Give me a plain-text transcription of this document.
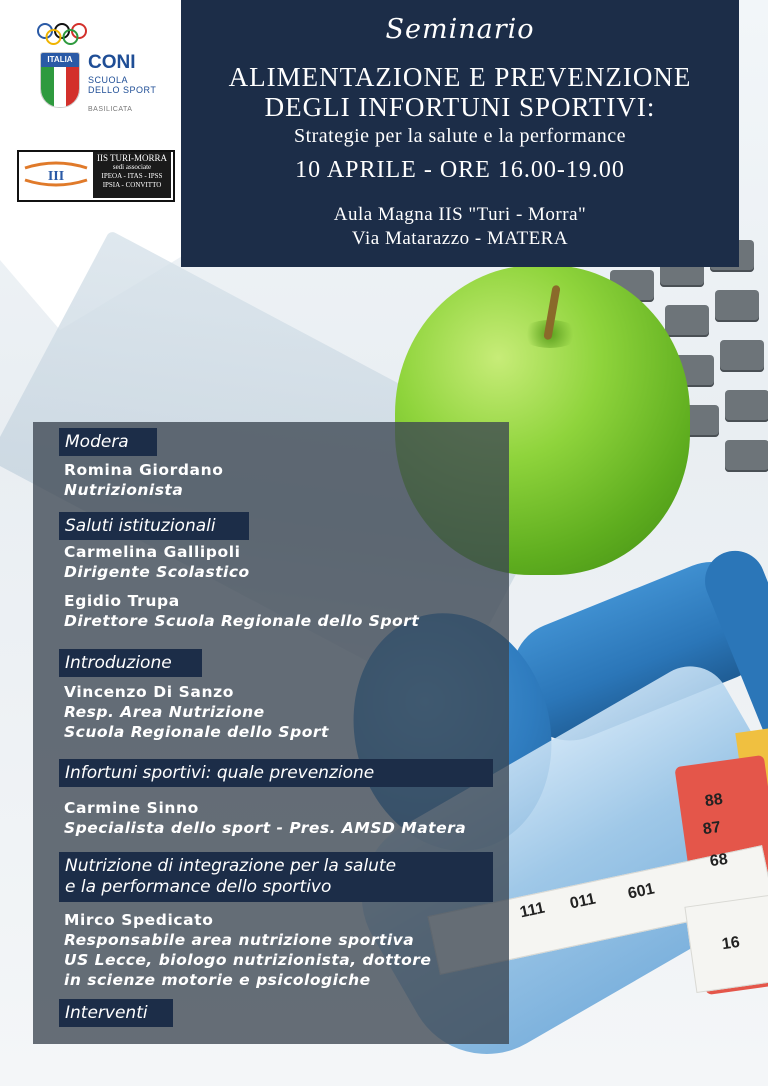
88
87
68
16
111 011 601
ITALIA CONI
SCUOLA
DELLO SPORT
BASILICATA
III
IIS TURI-MORRA
sedi associate
IPEOA - ITAS - IPSS
IPSIA - CONVITTO
Seminario
ALIMENTAZIONE E PREVENZIONE
DEGLI INFORTUNI SPORTIVI:
Strategie per la salute e la performance
10 APRILE - ORE 16.00-19.00
Aula Magna IIS "Turi - Morra"
Via Matarazzo - MATERA
Modera
Romina Giordano
Nutrizionista
Saluti istituzionali
Carmelina Gallipoli
Dirigente Scolastico
Egidio Trupa
Direttore Scuola Regionale dello Sport
Introduzione
Vincenzo Di Sanzo
Resp. Area Nutrizione
Scuola Regionale dello Sport
Infortuni sportivi: quale prevenzione
Carmine Sinno
Specialista dello sport - Pres. AMSD Matera
Nutrizione di integrazione per la salute
e la performance dello sportivo
Mirco Spedicato
Responsabile area nutrizione sportiva
US Lecce, biologo nutrizionista, dottore
in scienze motorie e psicologiche
Interventi
